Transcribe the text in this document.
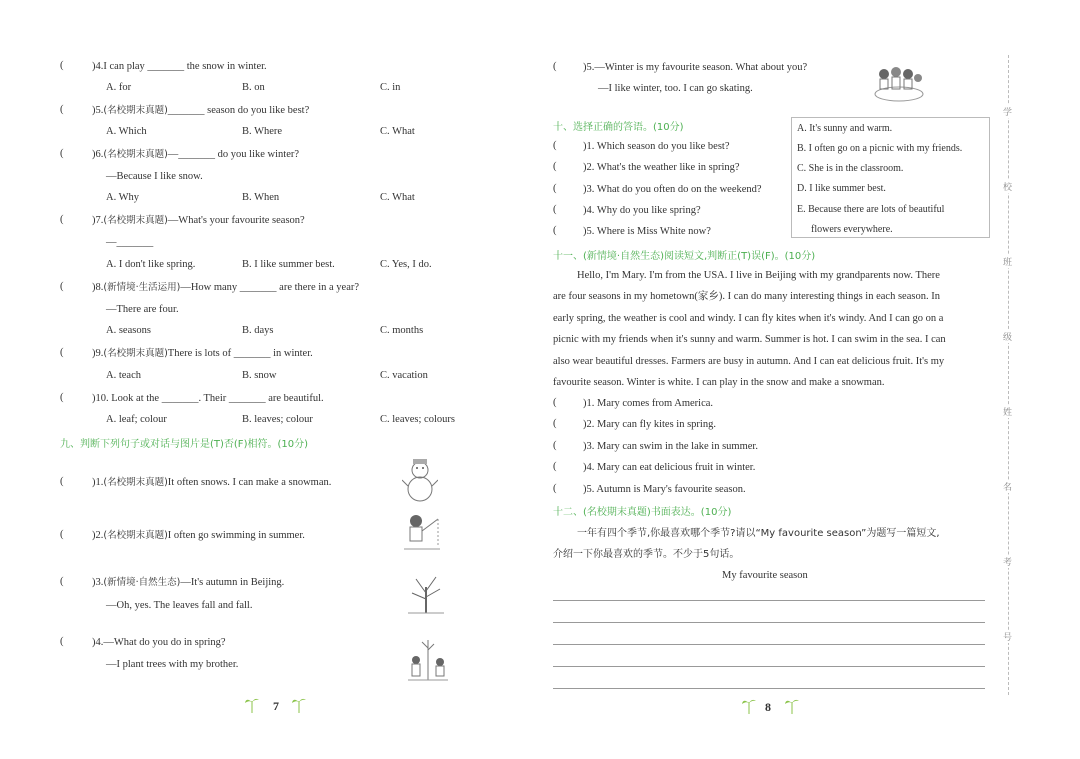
(	)4.I can play _______ the snow in winter.
A. for	B. on	C. in
(	)5.(名校期末真题)_______ season do you like best?
A. Which	B. Where	C. What
(	)6.(名校期末真题)—_______ do you like winter?
—Because I like snow.
A. Why	B. When	C. What
(	)7.(名校期末真题)—What's your favourite season?
—_______
A. I don't like spring.	B. I like summer best.	C. Yes, I do.
(	)8.(新情境·生活运用)—How many _______ are there in a year?
—There are four.
A. seasons	B. days	C. months
(	)9.(名校期末真题)There is lots of _______ in winter.
A. teach	B. snow	C. vacation
(	)10. Look at the _______. Their _______ are beautiful.
A. leaf; colour	B. leaves; colour	C. leaves; colours
九、判断下列句子或对话与图片是(T)否(F)相符。(10分)
(	)1.(名校期末真题)It often snows. I can make a snowman.
(	)2.(名校期末真题)I often go swimming in summer.
(	)3.(新情境·自然生态)—It's autumn in Beijing.
—Oh, yes. The leaves fall and fall.
(	)4.—What do you do in spring?
—I plant trees with my brother.
7
(	)5.—Winter is my favourite season. What about you?
—I like winter, too. I can go skating.
十、选择正确的答语。(10分)
(	)1. Which season do you like best?
(	)2. What's the weather like in spring?
(	)3. What do you often do on the weekend?
(	)4. Why do you like spring?
(	)5. Where is Miss White now?
A. It's sunny and warm.
B. I often go on a picnic with my friends.
C. She is in the classroom.
D. I like summer best.
E. Because there are lots of beautiful
flowers everywhere.
十一、(新情境·自然生态)阅读短文,判断正(T)误(F)。(10分)
Hello, I'm Mary. I'm from the USA. I live in Beijing with my grandparents now. There
are four seasons in my hometown(家乡). I can do many interesting things in each season. In
early spring, the weather is cool and windy. I can fly kites when it's windy. And I can go on a
picnic with my friends when it's sunny and warm. Summer is hot. I can swim in the sea. I can
also wear beautiful dresses. Farmers are busy in autumn. And I can eat delicious fruit. It's my
favourite season. Winter is white. I can play in the snow and make a snowman.
(	)1. Mary comes from America.
(	)2. Mary can fly kites in spring.
(	)3. Mary can swim in the lake in summer.
(	)4. Mary can eat delicious fruit in winter.
(	)5. Autumn is Mary's favourite season.
十二、(名校期末真题)书面表达。(10分)
一年有四个季节,你最喜欢哪个季节?请以“My favourite season”为题写一篇短文,
介绍一下你最喜欢的季节。不少于5句话。
My favourite season
8
学
校
班
级
姓
名
考
号
